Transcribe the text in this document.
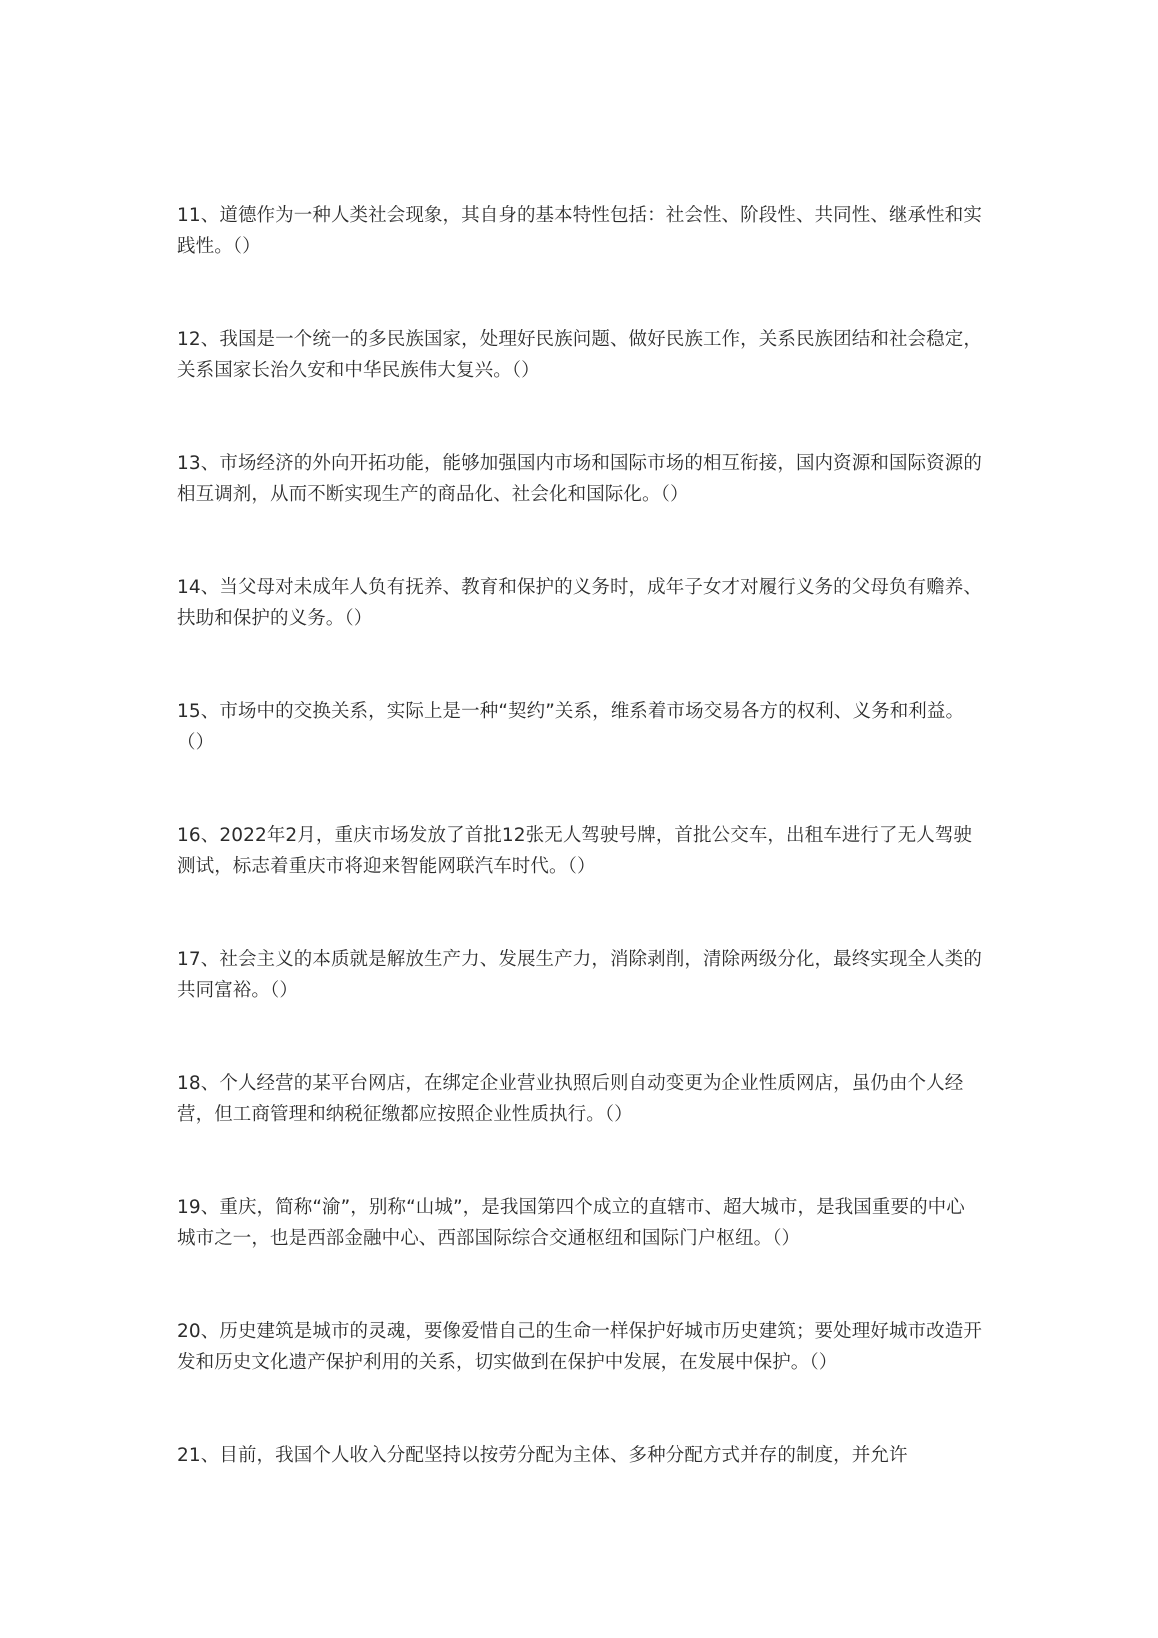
11、道德作为一种人类社会现象，其自身的基本特性包括：社会性、阶段性、共同性、继承性和实践性。（）
12、我国是一个统一的多民族国家，处理好民族问题、做好民族工作，关系民族团结和社会稳定，关系国家长治久安和中华民族伟大复兴。（）
13、市场经济的外向开拓功能，能够加强国内市场和国际市场的相互衔接，国内资源和国际资源的相互调剂，从而不断实现生产的商品化、社会化和国际化。（）
14、当父母对未成年人负有抚养、教育和保护的义务时，成年子女才对履行义务的父母负有赡养、扶助和保护的义务。（）
15、市场中的交换关系，实际上是一种“契约”关系，维系着市场交易各方的权利、义务和利益。（）
16、2022年2月，重庆市场发放了首批12张无人驾驶号牌，首批公交车，出租车进行了无人驾驶测试，标志着重庆市将迎来智能网联汽车时代。（）
17、社会主义的本质就是解放生产力、发展生产力，消除剥削，清除两级分化，最终实现全人类的共同富裕。（）
18、个人经营的某平台网店，在绑定企业营业执照后则自动变更为企业性质网店，虽仍由个人经营，但工商管理和纳税征缴都应按照企业性质执行。（）
19、重庆，简称“渝”，别称“山城”，是我国第四个成立的直辖市、超大城市，是我国重要的中心城市之一，也是西部金融中心、西部国际综合交通枢纽和国际门户枢纽。（）
20、历史建筑是城市的灵魂，要像爱惜自己的生命一样保护好城市历史建筑；要处理好城市改造开发和历史文化遗产保护利用的关系，切实做到在保护中发展，在发展中保护。（）
21、目前，我国个人收入分配坚持以按劳分配为主体、多种分配方式并存的制度，并允许
